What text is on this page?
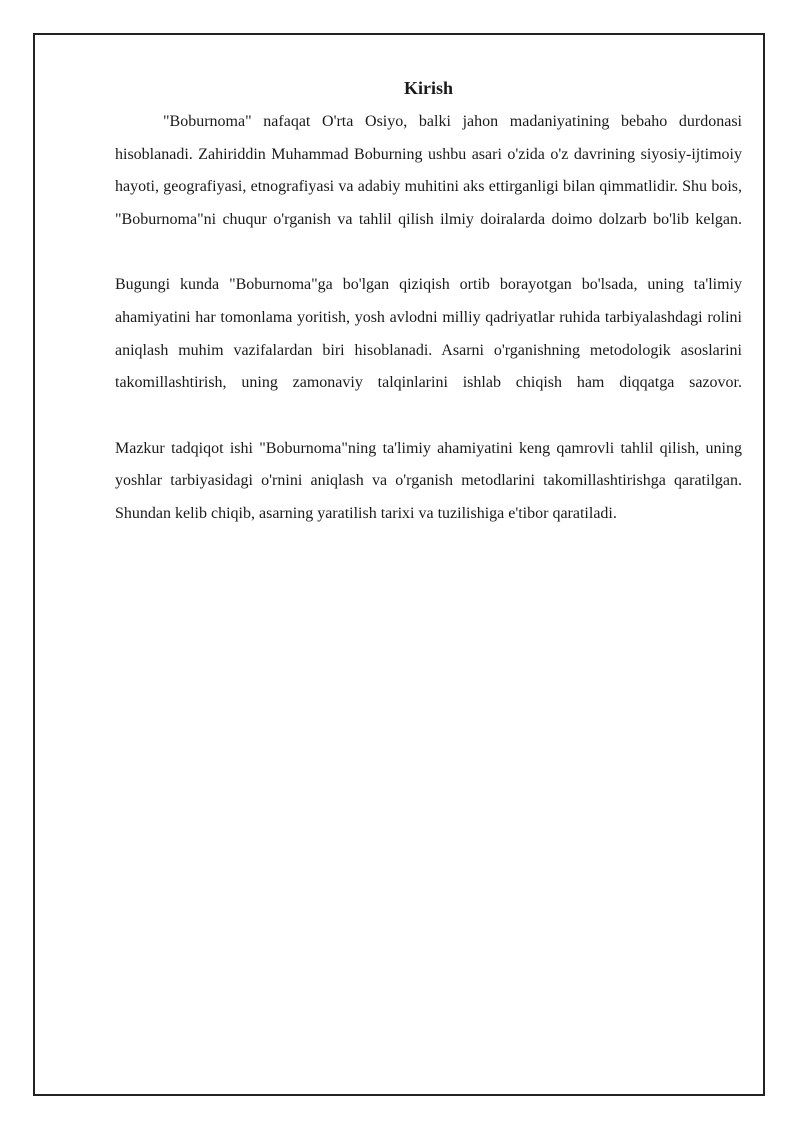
Kirish

"Boburnoma" nafaqat O'rta Osiyo, balki jahon madaniyatining bebaho durdonasi hisoblanadi. Zahiriddin Muhammad Boburning ushbu asari o'zida o'z davrining siyosiy-ijtimoiy hayoti, geografiyasi, etnografiyasi va adabiy muhitini aks ettirganligi bilan qimmatlidir. Shu bois, "Boburnoma"ni chuqur o'rganish va tahlil qilish ilmiy doiralarda doimo dolzarb bo'lib kelgan.

Bugungi kunda "Boburnoma"ga bo'lgan qiziqish ortib borayotgan bo'lsada, uning ta'limiy ahamiyatini har tomonlama yoritish, yosh avlodni milliy qadriyatlar ruhida tarbiyalashdagi rolini aniqlash muhim vazifalardan biri hisoblanadi. Asarni o'rganishning metodologik asoslarini takomillashtirish, uning zamonaviy talqinlarini ishlab chiqish ham diqqatga sazovor.

Mazkur tadqiqot ishi "Boburnoma"ning ta'limiy ahamiyatini keng qamrovli tahlil qilish, uning yoshlar tarbiyasidagi o'rnini aniqlash va o'rganish metodlarini takomillashtirishga qaratilgan. Shundan kelib chiqib, asarning yaratilish tarixi va tuzilishiga e'tibor qaratiladi.
